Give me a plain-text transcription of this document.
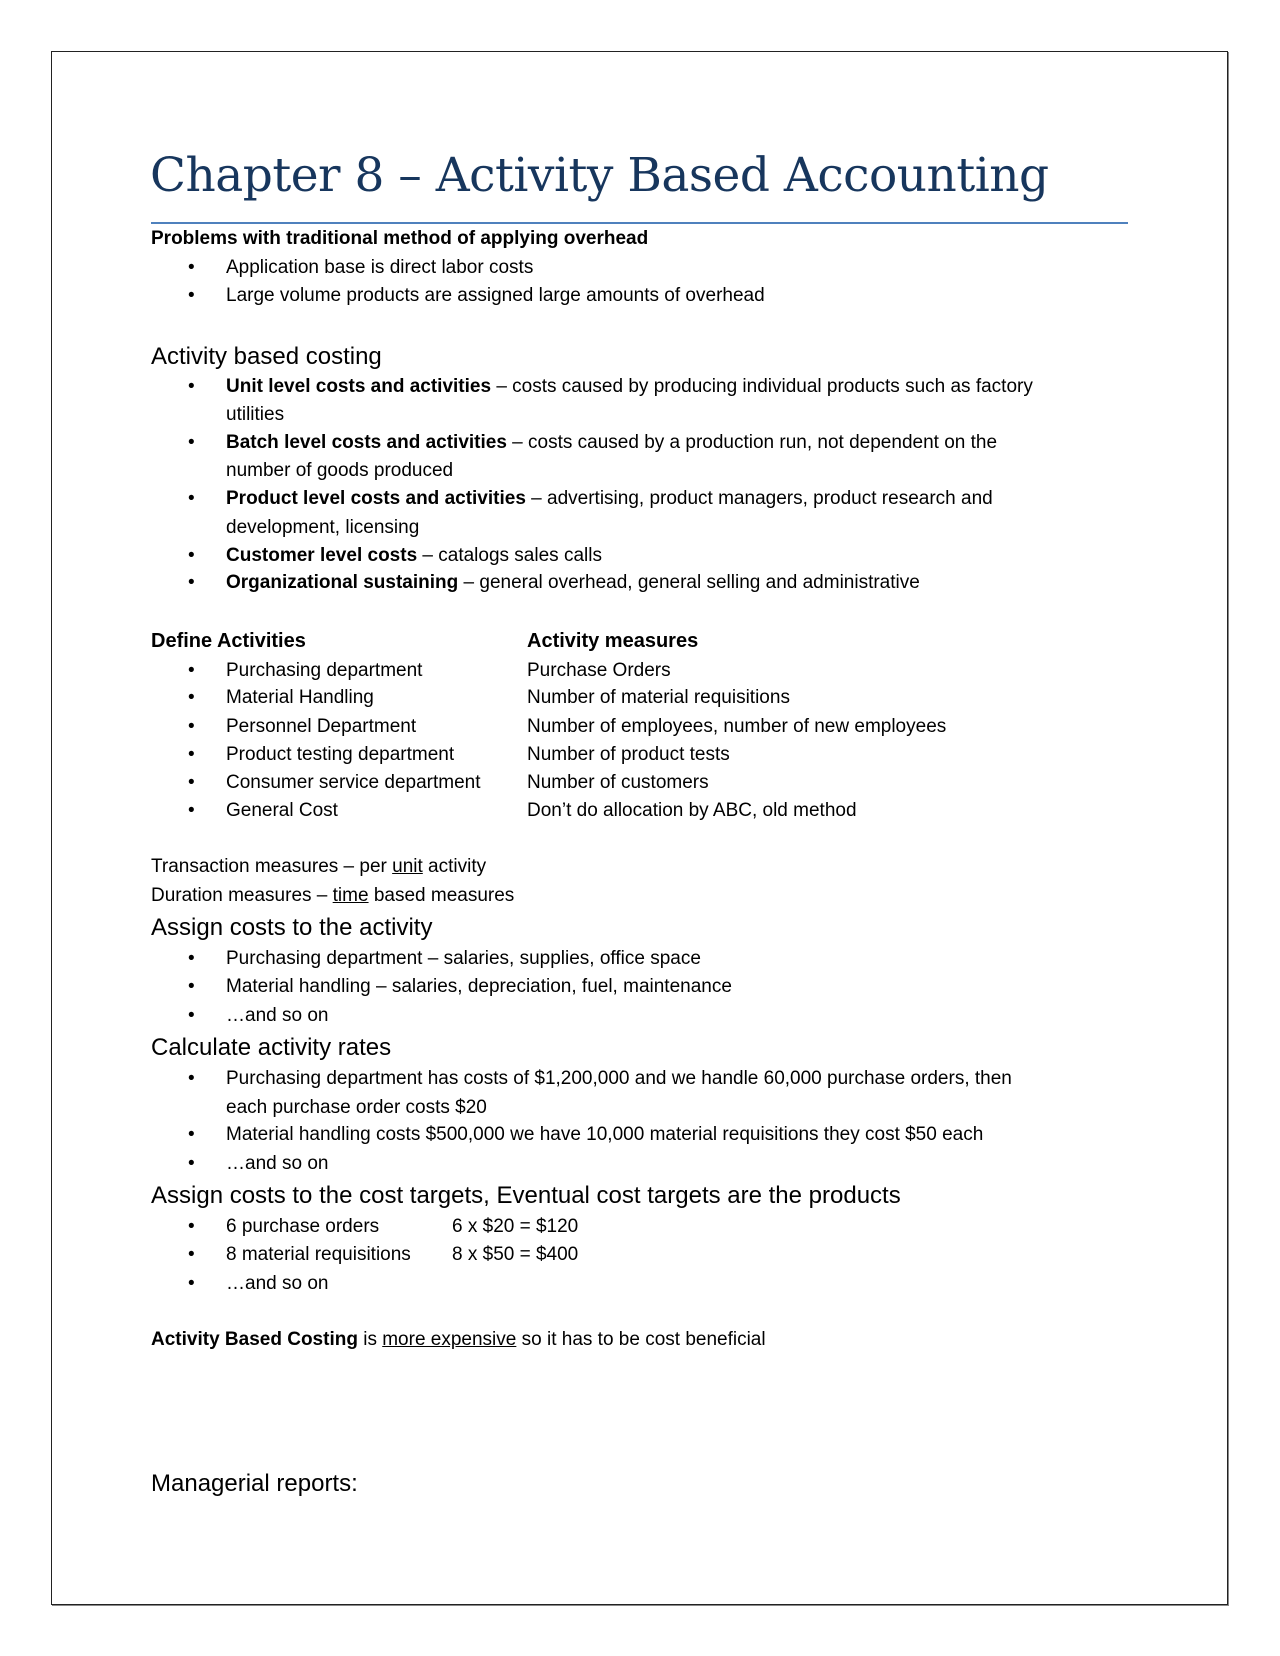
Chapter 8 – Activity Based Accounting
Problems with traditional method of applying overhead
• Application base is direct labor costs
• Large volume products are assigned large amounts of overhead
Activity based costing
• Unit level costs and activities – costs caused by producing individual products such as factory
utilities
• Batch level costs and activities – costs caused by a production run, not dependent on the
number of goods produced
• Product level costs and activities – advertising, product managers, product research and
development, licensing
• Customer level costs – catalogs sales calls
• Organizational sustaining – general overhead, general selling and administrative
Define Activities	Activity measures
• Purchasing department	Purchase Orders
• Material Handling	Number of material requisitions
• Personnel Department	Number of employees, number of new employees
• Product testing department	Number of product tests
• Consumer service department Number of customers
• General Cost	Don’t do allocation by ABC, old method
Transaction measures – per unit activity
Duration measures – time based measures
Assign costs to the activity
• Purchasing department – salaries, supplies, office space
• Material handling – salaries, depreciation, fuel, maintenance
• …and so on
Calculate activity rates
• Purchasing department has costs of $1,200,000 and we handle 60,000 purchase orders, then
each purchase order costs $20
• Material handling costs $500,000 we have 10,000 material requisitions they cost $50 each
• …and so on
Assign costs to the cost targets, Eventual cost targets are the products
• 6 purchase orders	6 x $20 = $120
• 8 material requisitions 8 x $50 = $400
• …and so on
Activity Based Costing is more expensive so it has to be cost beneficial
Managerial reports:
